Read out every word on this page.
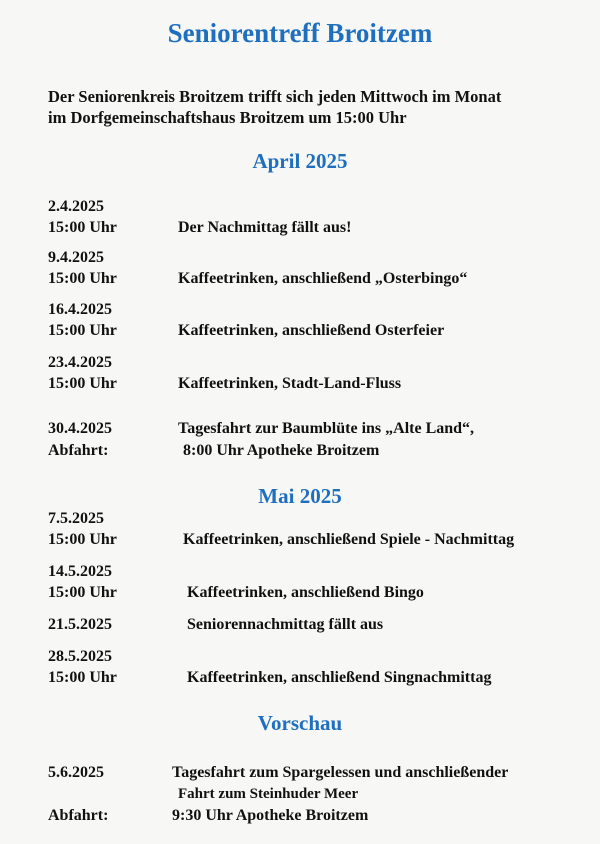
Seniorentreff Broitzem
Der Seniorenkreis Broitzem trifft sich jeden Mittwoch im Monat
im Dorfgemeinschaftshaus Broitzem um 15:00 Uhr
April 2025
2.4.2025
15:00 Uhr	Der Nachmittag fällt aus!
9.4.2025
15:00 Uhr	Kaffeetrinken, anschließend „Osterbingo“
16.4.2025
15:00 Uhr	Kaffeetrinken, anschließend Osterfeier
23.4.2025
15:00 Uhr	Kaffeetrinken, Stadt-Land-Fluss
30.4.2025	Tagesfahrt zur Baumblüte ins „Alte Land“,
Abfahrt:	8:00 Uhr Apotheke Broitzem
Mai 2025
7.5.2025
15:00 Uhr	Kaffeetrinken, anschließend Spiele - Nachmittag
14.5.2025
15:00 Uhr	Kaffeetrinken, anschließend Bingo
21.5.2025	Seniorennachmittag fällt aus
28.5.2025
15:00 Uhr	Kaffeetrinken, anschließend Singnachmittag
Vorschau
5.6.2025	Tagesfahrt zum Spargelessen und anschließender
Fahrt zum Steinhuder Meer
Abfahrt:	9:30 Uhr Apotheke Broitzem
